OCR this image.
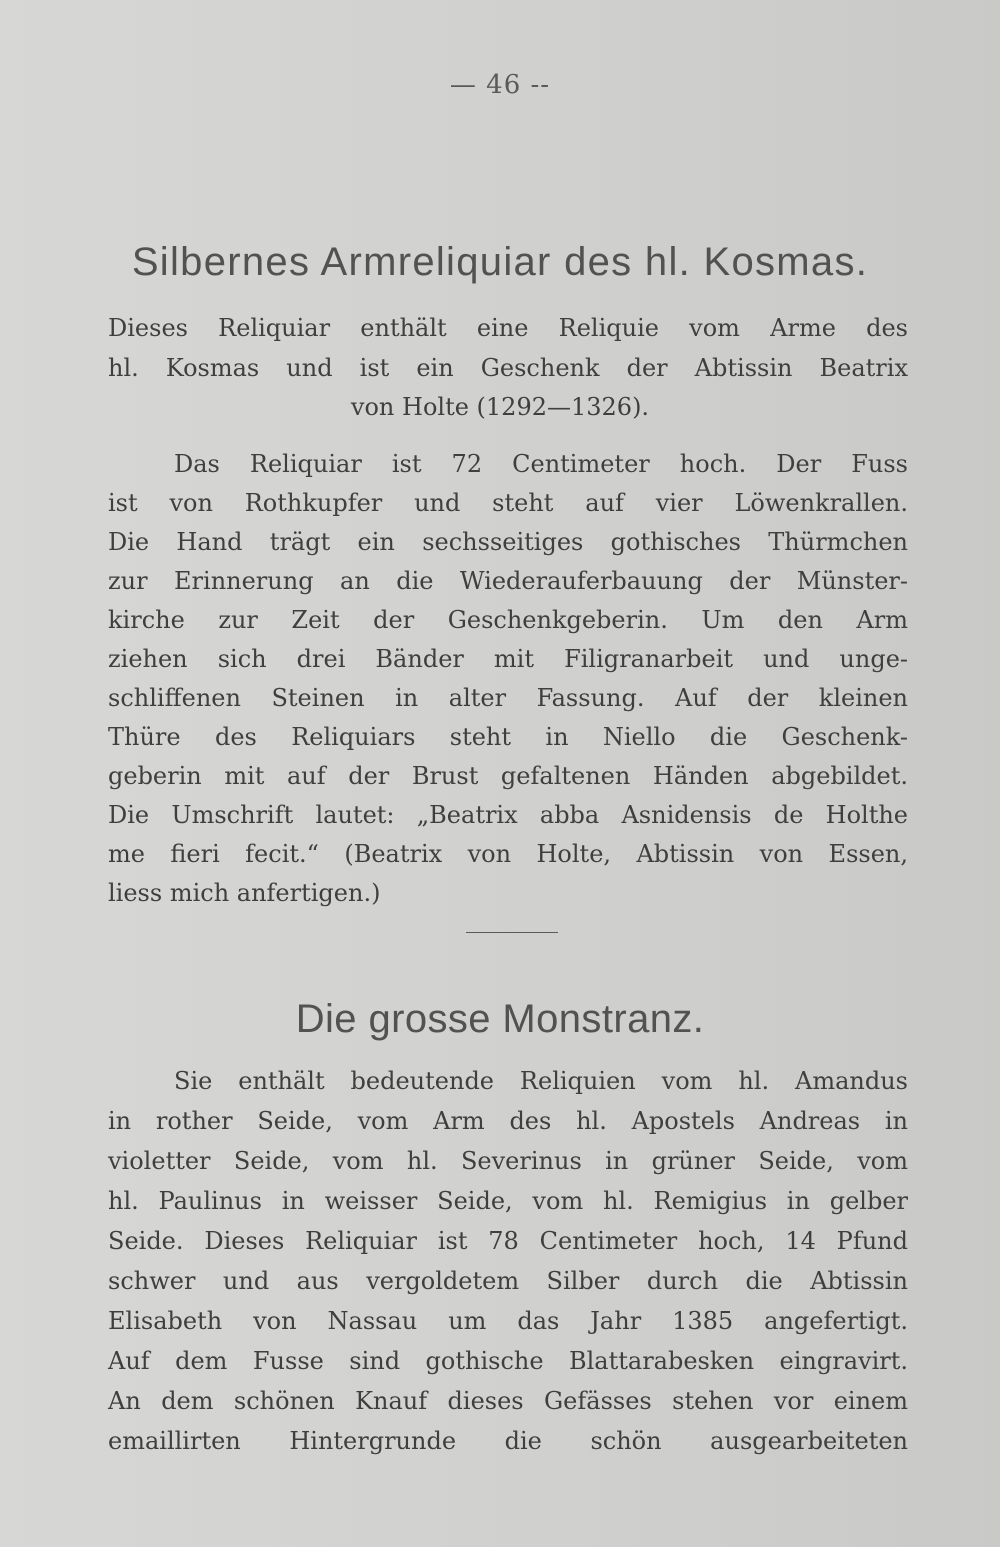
— 46 --
Silbernes Armreliquiar des hl. Kosmas.
Dieses Reliquiar enthält eine Reliquie vom Arme des
hl. Kosmas und ist ein Geschenk der Abtissin Beatrix
von Holte (1292—1326).
Das Reliquiar ist 72 Centimeter hoch. Der Fuss
ist von Rothkupfer und steht auf vier Löwenkrallen.
Die Hand trägt ein sechsseitiges gothisches Thürmchen
zur Erinnerung an die Wiederauferbauung der Münster-
kirche zur Zeit der Geschenkgeberin. Um den Arm
ziehen sich drei Bänder mit Filigranarbeit und unge-
schliffenen Steinen in alter Fassung. Auf der kleinen
Thüre des Reliquiars steht in Niello die Geschenk-
geberin mit auf der Brust gefaltenen Händen abgebildet.
Die Umschrift lautet: „Beatrix abba Asnidensis de Holthe
me fieri fecit.“ (Beatrix von Holte, Abtissin von Essen,
liess mich anfertigen.)
Die grosse Monstranz.
Sie enthält bedeutende Reliquien vom hl. Amandus
in rother Seide, vom Arm des hl. Apostels Andreas in
violetter Seide, vom hl. Severinus in grüner Seide, vom
hl. Paulinus in weisser Seide, vom hl. Remigius in gelber
Seide. Dieses Reliquiar ist 78 Centimeter hoch, 14 Pfund
schwer und aus vergoldetem Silber durch die Abtissin
Elisabeth von Nassau um das Jahr 1385 angefertigt.
Auf dem Fusse sind gothische Blattarabesken eingravirt.
An dem schönen Knauf dieses Gefässes stehen vor einem
emaillirten Hintergrunde die schön ausgearbeiteten
